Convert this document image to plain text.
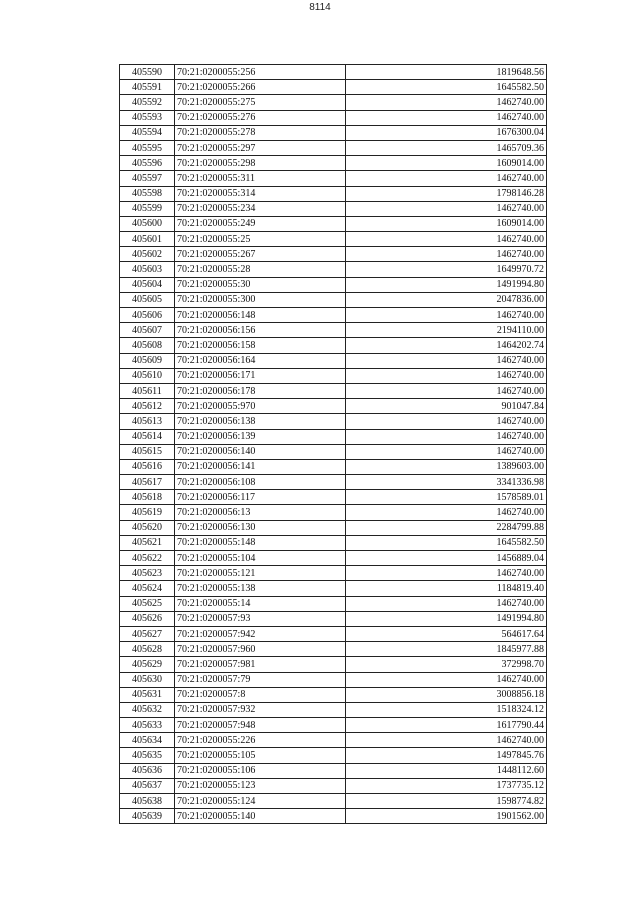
8114
405590	70:21:0200055:256	1819648.56
405591	70:21:0200055:266	1645582.50
405592	70:21:0200055:275	1462740.00
405593	70:21:0200055:276	1462740.00
405594	70:21:0200055:278	1676300.04
405595	70:21:0200055:297	1465709.36
405596	70:21:0200055:298	1609014.00
405597	70:21:0200055:311	1462740.00
405598	70:21:0200055:314	1798146.28
405599	70:21:0200055:234	1462740.00
405600	70:21:0200055:249	1609014.00
405601	70:21:0200055:25	1462740.00
405602	70:21:0200055:267	1462740.00
405603	70:21:0200055:28	1649970.72
405604	70:21:0200055:30	1491994.80
405605	70:21:0200055:300	2047836.00
405606	70:21:0200056:148	1462740.00
405607	70:21:0200056:156	2194110.00
405608	70:21:0200056:158	1464202.74
405609	70:21:0200056:164	1462740.00
405610	70:21:0200056:171	1462740.00
405611	70:21:0200056:178	1462740.00
405612	70:21:0200055:970	901047.84
405613	70:21:0200056:138	1462740.00
405614	70:21:0200056:139	1462740.00
405615	70:21:0200056:140	1462740.00
405616	70:21:0200056:141	1389603.00
405617	70:21:0200056:108	3341336.98
405618	70:21:0200056:117	1578589.01
405619	70:21:0200056:13	1462740.00
405620	70:21:0200056:130	2284799.88
405621	70:21:0200055:148	1645582.50
405622	70:21:0200055:104	1456889.04
405623	70:21:0200055:121	1462740.00
405624	70:21:0200055:138	1184819.40
405625	70:21:0200055:14	1462740.00
405626	70:21:0200057:93	1491994.80
405627	70:21:0200057:942	564617.64
405628	70:21:0200057:960	1845977.88
405629	70:21:0200057:981	372998.70
405630	70:21:0200057:79	1462740.00
405631	70:21:0200057:8	3008856.18
405632	70:21:0200057:932	1518324.12
405633	70:21:0200057:948	1617790.44
405634	70:21:0200055:226	1462740.00
405635	70:21:0200055:105	1497845.76
405636	70:21:0200055:106	1448112.60
405637	70:21:0200055:123	1737735.12
405638	70:21:0200055:124	1598774.82
405639	70:21:0200055:140	1901562.00
